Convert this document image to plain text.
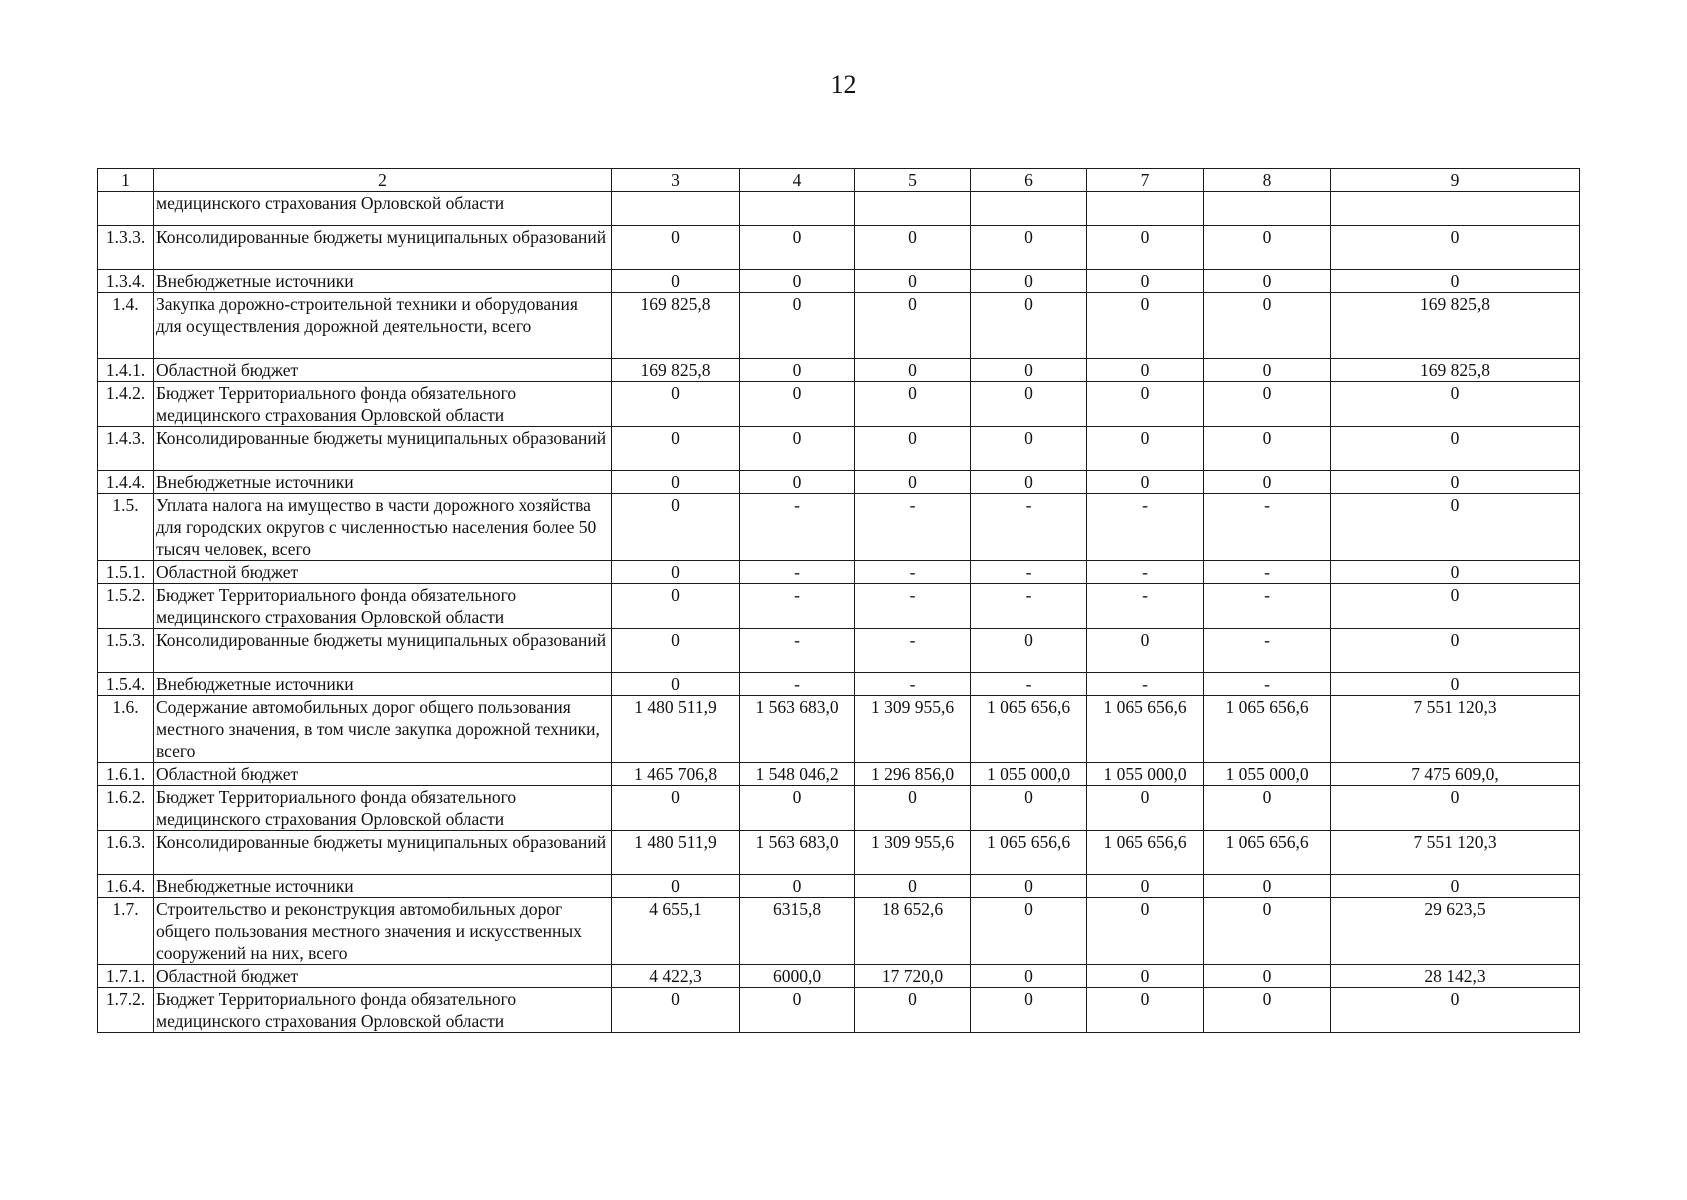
12
1	2	3	4	5	6	7	8	9
	медицинского страхования Орловской области							
1.3.3.	Консолидированные бюджеты муниципальных образований	0	0	0	0	0	0	0
1.3.4.	Внебюджетные источники	0	0	0	0	0	0	0
1.4.	Закупка дорожно-строительной техники и оборудования для осуществления дорожной деятельности, всего	169 825,8	0	0	0	0	0	169 825,8
1.4.1.	Областной бюджет	169 825,8	0	0	0	0	0	169 825,8
1.4.2.	Бюджет Территориального фонда обязательного медицинского страхования Орловской области	0	0	0	0	0	0	0
1.4.3.	Консолидированные бюджеты муниципальных образований	0	0	0	0	0	0	0
1.4.4.	Внебюджетные источники	0	0	0	0	0	0	0
1.5.	Уплата налога на имущество в части дорожного хозяйства для городских округов с численностью населения более 50 тысяч человек, всего	0	-	-	-	-	-	0
1.5.1.	Областной бюджет	0	-	-	-	-	-	0
1.5.2.	Бюджет Территориального фонда обязательного медицинского страхования Орловской области	0	-	-	-	-	-	0
1.5.3.	Консолидированные бюджеты муниципальных образований	0	-	-	0	0	-	0
1.5.4.	Внебюджетные источники	0	-	-	-	-	-	0
1.6.	Содержание автомобильных дорог общего пользования местного значения, в том числе закупка дорожной техники, всего	1 480 511,9	1 563 683,0	1 309 955,6	1 065 656,6	1 065 656,6	1 065 656,6	7 551 120,3
1.6.1.	Областной бюджет	1 465 706,8	1 548 046,2	1 296 856,0	1 055 000,0	1 055 000,0	1 055 000,0	7 475 609,0,
1.6.2.	Бюджет Территориального фонда обязательного медицинского страхования Орловской области	0	0	0	0	0	0	0
1.6.3.	Консолидированные бюджеты муниципальных образований	1 480 511,9	1 563 683,0	1 309 955,6	1 065 656,6	1 065 656,6	1 065 656,6	7 551 120,3
1.6.4.	Внебюджетные источники	0	0	0	0	0	0	0
1.7.	Строительство и реконструкция автомобильных дорог общего пользования местного значения и искусственных сооружений на них, всего	4 655,1	6315,8	18 652,6	0	0	0	29 623,5
1.7.1.	Областной бюджет	4 422,3	6000,0	17 720,0	0	0	0	28 142,3
1.7.2.	Бюджет Территориального фонда обязательного медицинского страхования Орловской области	0	0	0	0	0	0	0
